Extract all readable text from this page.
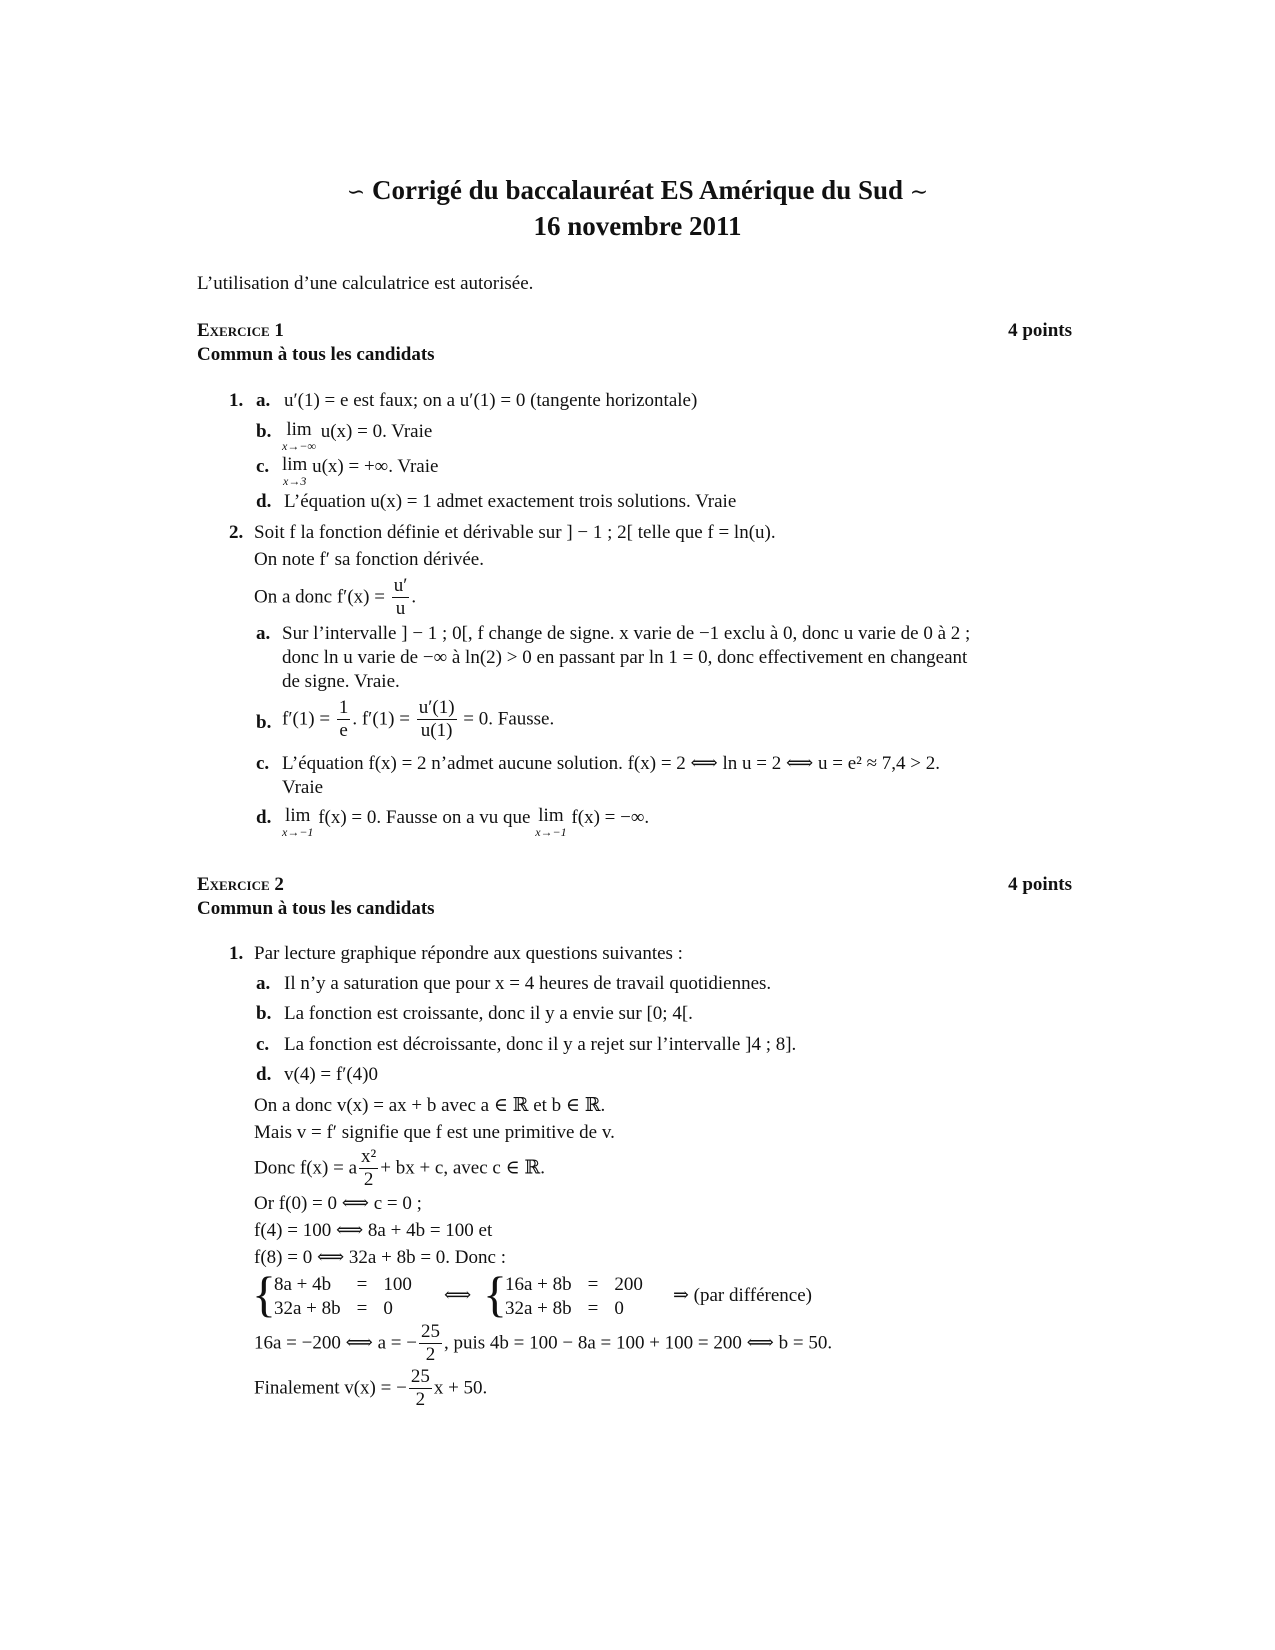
∽ Corrigé du baccalauréat ES Amérique du Sud ∼
16 novembre 2011
L’utilisation d’une calculatrice est autorisée.
Exercice 1	4 points
Commun à tous les candidats
1. a. u′(1) = e est faux; on a u′(1) = 0 (tangente horizontale)
b. lim
x→−∞
u(x) = 0. Vraie
c. lim
x→3
u(x) = +∞. Vraie
d. L’équation u(x) = 1 admet exactement trois solutions. Vraie
2. Soit f la fonction définie et dérivable sur ] − 1 ; 2[ telle que f = ln(u).
On note f′ sa fonction dérivée.
On a donc $f'(x) = \frac{u'}{u}$ .
a. Sur l’intervalle ] − 1 ; 0[, f change de signe. x varie de −1 exclu à 0, donc u varie de 0 à 2 ;
donc ln u varie de −∞ à ln(2) > 0 en passant par ln 1 = 0, donc effectivement en changeant
de signe. Vraie.
b. $f'(1) = \frac{1}{e}$ . $f'(1) = \frac{u'(1)}{u(1)} = 0$. Fausse.
c. L’équation f(x) = 2 n’admet aucune solution. f(x) = 2 ⟺ ln u = 2 ⟺ u = e² ≈ 7,4 > 2.
Vraie
d. lim
x→−1
f(x) = 0. Fausse on a vu que lim
x→−1
f(x) = −∞.
Exercice 2	4 points
Commun à tous les candidats
1. Par lecture graphique répondre aux questions suivantes :
a. Il n’y a saturation que pour x = 4 heures de travail quotidiennes.
b. La fonction est croissante, donc il y a envie sur [0; 4[.
c. La fonction est décroissante, donc il y a rejet sur l’intervalle ]4 ; 8].
d. v(4) = f′(4)0
On a donc v(x) = ax + b avec a ∈ ℝ et b ∈ ℝ.
Mais v = f′ signifie que f est une primitive de v.
Donc f(x) = a $\frac{\text{x²}}{2}$ + bx + c, avec c ∈ ℝ.
Or f(0) = 0 ⟺ c = 0 ;
f(4) = 100 ⟺ 8a + 4b = 100 et
f(8) = 0 ⟺ 32a + 8b = 0. Donc :
{
8a + 4b	=	100
32a + 8b	=	0
⟺ {
16a + 8b	=	200
32a + 8b	=	0
⇒ (par différence)
16a = −200 ⟺ a = − $\frac{25}{2}$ , puis 4b = 100 − 8a = 100 + 100 = 200 ⟺ b = 50.
Finalement v(x) = − $\frac{25}{2}$ x + 50.
